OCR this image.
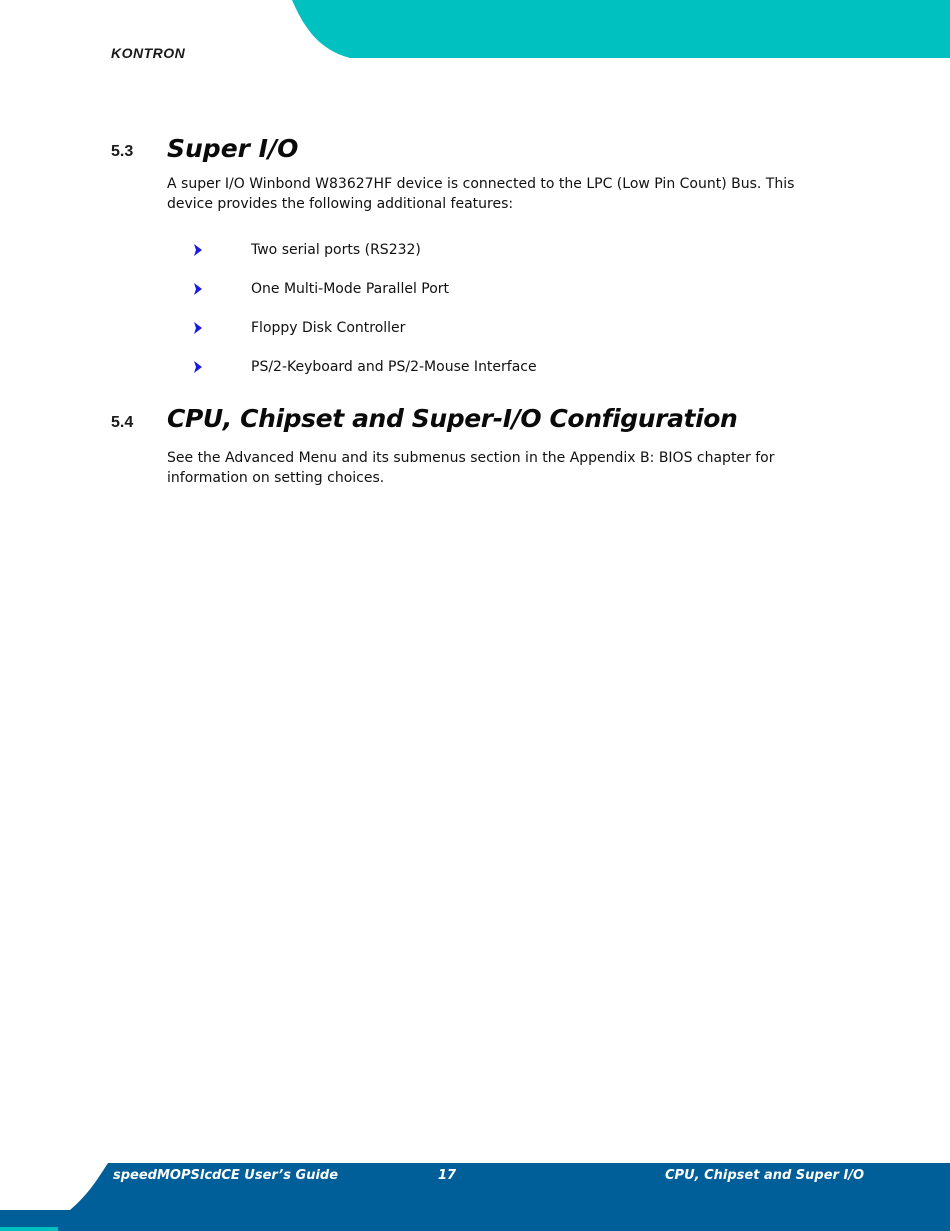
KONTRON
5.3 Super I/O

A super I/O Winbond W83627HF device is connected to the LPC (Low Pin Count) Bus. This device provides the following additional features:

Two serial ports (RS232)
One Multi-Mode Parallel Port
Floppy Disk Controller
PS/2-Keyboard and PS/2-Mouse Interface
5.4 CPU, Chipset and Super-I/O Configuration

See the Advanced Menu and its submenus section in the Appendix B: BIOS chapter for information on setting choices.

speedMOPSlcdCE User’s Guide	17	CPU, Chipset and Super I/O
